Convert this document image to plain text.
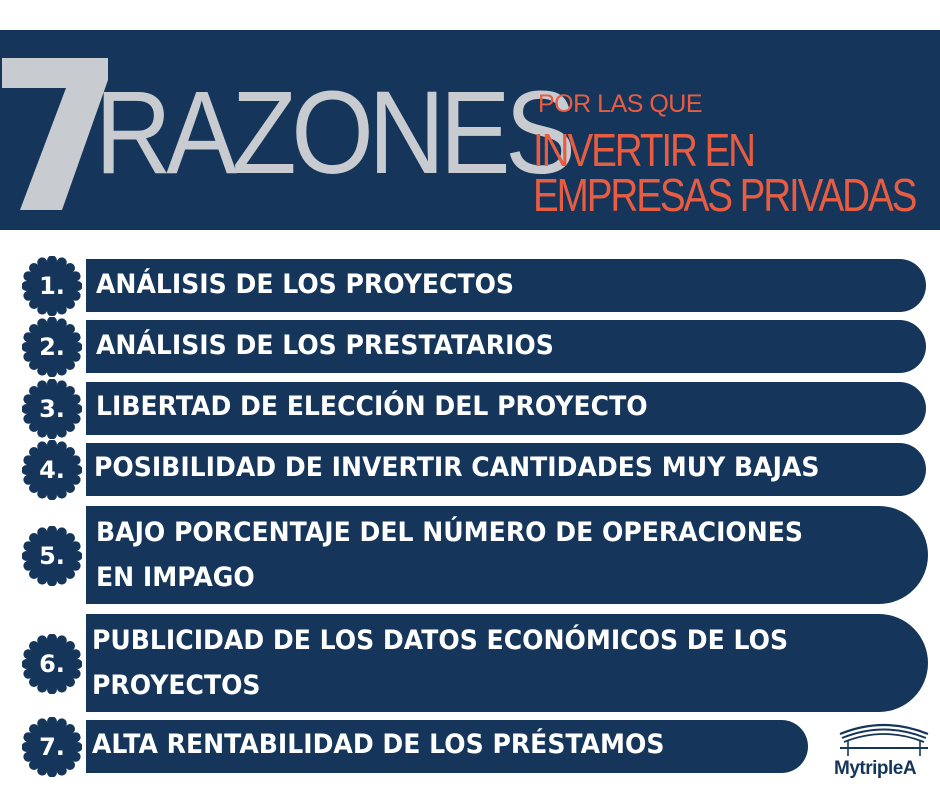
RAZONES
POR LAS QUE
INVERTIR EN
EMPRESAS PRIVADAS
ANÁLISIS DE LOS PROYECTOS
1.
ANÁLISIS DE LOS PRESTATARIOS
2.
LIBERTAD DE ELECCIÓN DEL PROYECTO
3.
POSIBILIDAD DE INVERTIR CANTIDADES MUY BAJAS
4.
BAJO PORCENTAJE DEL NÚMERO DE OPERACIONES
EN IMPAGO
5.
PUBLICIDAD DE LOS DATOS ECONÓMICOS DE LOS
PROYECTOS
6.
ALTA RENTABILIDAD DE LOS PRÉSTAMOS
7.
MytripleA
